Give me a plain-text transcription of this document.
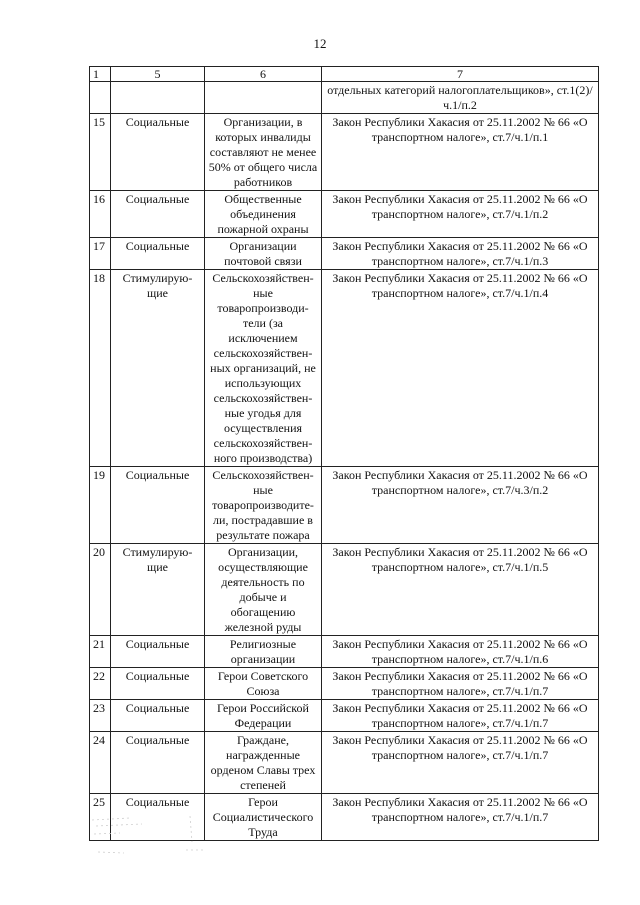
12
1	5	6	7
			отдельных категорий налогоплательщиков», ст.1(2)/ч.1/п.2
15	Социальные	Организации, в которых инвалиды составляют не менее 50% от общего числа работников	Закон Республики Хакасия от 25.11.2002 № 66 «О транспортном налоге», ст.7/ч.1/п.1
16	Социальные	Общественные объединения пожарной охраны	Закон Республики Хакасия от 25.11.2002 № 66 «О транспортном налоге», ст.7/ч.1/п.2
17	Социальные	Организации почтовой связи	Закон Республики Хакасия от 25.11.2002 № 66 «О транспортном налоге», ст.7/ч.1/п.3
18	Стимулирую-щие	Сельскохозяйствен-ные товаропроизводи-тели (за исключением сельскохозяйствен-ных организаций, не использующих сельскохозяйствен-ные угодья для осуществления сельскохозяйствен-ного производства)	Закон Республики Хакасия от 25.11.2002 № 66 «О транспортном налоге», ст.7/ч.1/п.4
19	Социальные	Сельскохозяйствен-ные товаропроизводите-ли, пострадавшие в результате пожара	Закон Республики Хакасия от 25.11.2002 № 66 «О транспортном налоге», ст.7/ч.3/п.2
20	Стимулирую-щие	Организации, осуществляющие деятельность по добыче и обогащению железной руды	Закон Республики Хакасия от 25.11.2002 № 66 «О транспортном налоге», ст.7/ч.1/п.5
21	Социальные	Религиозные организации	Закон Республики Хакасия от 25.11.2002 № 66 «О транспортном налоге», ст.7/ч.1/п.6
22	Социальные	Герои Советского Союза	Закон Республики Хакасия от 25.11.2002 № 66 «О транспортном налоге», ст.7/ч.1/п.7
23	Социальные	Герои Российской Федерации	Закон Республики Хакасия от 25.11.2002 № 66 «О транспортном налоге», ст.7/ч.1/п.7
24	Социальные	Граждане, награжденные орденом Славы трех степеней	Закон Республики Хакасия от 25.11.2002 № 66 «О транспортном налоге», ст.7/ч.1/п.7
25	Социальные	Герои Социалистического Труда	Закон Республики Хакасия от 25.11.2002 № 66 «О транспортном налоге», ст.7/ч.1/п.7
